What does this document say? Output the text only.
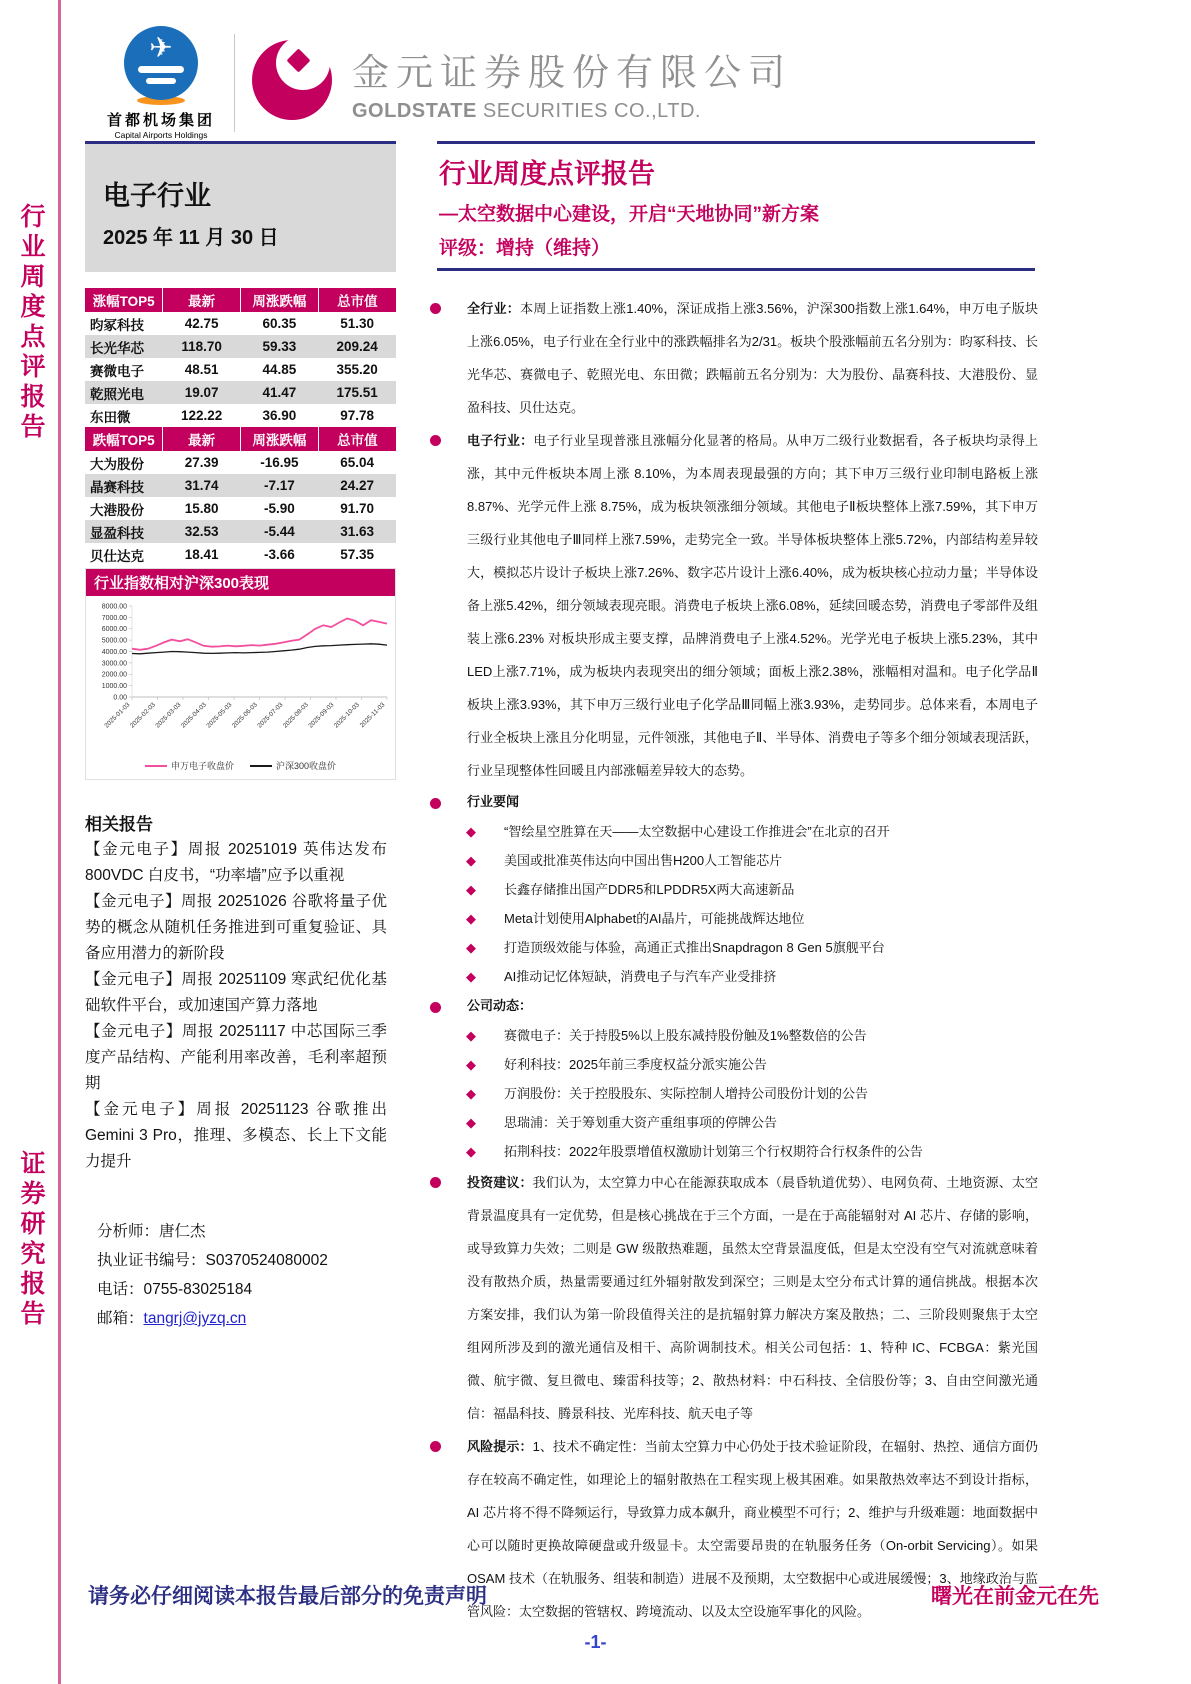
行业周度点评报告
证券研究报告
✈
首都机场集团
Capital Airports Holdings
金元证券股份有限公司
GOLDSTATE SECURITIES CO.,LTD.
电子行业
2025 年 11 月 30 日
行业周度点评报告
—太空数据中心建设，开启“天地协同”新方案
评级：增持（维持）
涨幅TOP5	最新	周涨跌幅	总市值
昀冢科技	42.75	60.35	51.30
长光华芯	118.70	59.33	209.24
赛微电子	48.51	44.85	355.20
乾照光电	19.07	41.47	175.51
东田微	122.22	36.90	97.78
跌幅TOP5	最新	周涨跌幅	总市值
大为股份	27.39	-16.95	65.04
晶赛科技	31.74	-7.17	24.27
大港股份	15.80	-5.90	91.70
显盈科技	32.53	-5.44	31.63
贝仕达克	18.41	-3.66	57.35
行业指数相对沪深300表现
0.00
1000.00
2000.00
3000.00
4000.00
5000.00
6000.00
7000.00
8000.00
2025-01-03
2025-02-03
2025-03-03
2025-04-03
2025-05-03
2025-06-03
2025-07-03
2025-08-03
2025-09-03
2025-10-03
2025-11-03
申万电子收盘价	沪深300收盘价
相关报告

【金元电子】周报 20251019 英伟达发布 800VDC 白皮书，“功率墙”应予以重视

【金元电子】周报 20251026 谷歌将量子优势的概念从随机任务推进到可重复验证、具备应用潜力的新阶段

【金元电子】周报 20251109 寒武纪优化基础软件平台，或加速国产算力落地

【金元电子】周报 20251117 中芯国际三季度产品结构、产能利用率改善，毛利率超预期

【金元电子】周报 20251123 谷歌推出 Gemini 3 Pro，推理、多模态、长上下文能力提升

分析师：唐仁杰
执业证书编号：S0370524080002
电话：0755-83025184
邮箱：tangrj@jyzq.cn
全行业：本周上证指数上涨1.40%，深证成指上涨3.56%，沪深300指数上涨1.64%，申万电子版块上涨6.05%，电子行业在全行业中的涨跌幅排名为2/31。板块个股涨幅前五名分别为：昀冢科技、长光华芯、赛微电子、乾照光电、东田微；跌幅前五名分别为：大为股份、晶赛科技、大港股份、显盈科技、贝仕达克。
电子行业：电子行业呈现普涨且涨幅分化显著的格局。从申万二级行业数据看，各子板块均录得上涨，其中元件板块本周上涨 8.10%，为本周表现最强的方向；其下申万三级行业印制电路板上涨 8.87%、光学元件上涨 8.75%，成为板块领涨细分领域。其他电子Ⅱ板块整体上涨7.59%，其下申万三级行业其他电子Ⅲ同样上涨7.59%，走势完全一致。半导体板块整体上涨5.72%，内部结构差异较大，模拟芯片设计子板块上涨7.26%、数字芯片设计上涨6.40%，成为板块核心拉动力量；半导体设备上涨5.42%，细分领域表现亮眼。消费电子板块上涨6.08%，延续回暖态势，消费电子零部件及组装上涨6.23% 对板块形成主要支撑，品牌消费电子上涨4.52%。光学光电子板块上涨5.23%，其中LED上涨7.71%，成为板块内表现突出的细分领域；面板上涨2.38%，涨幅相对温和。电子化学品Ⅱ板块上涨3.93%，其下申万三级行业电子化学品Ⅲ同幅上涨3.93%，走势同步。总体来看，本周电子行业全板块上涨且分化明显，元件领涨，其他电子Ⅱ、半导体、消费电子等多个细分领域表现活跃，行业呈现整体性回暖且内部涨幅差异较大的态势。
行业要闻
◆ “智绘星空胜算在天——太空数据中心建设工作推进会”在北京的召开
◆ 美国或批准英伟达向中国出售H200人工智能芯片
◆ 长鑫存储推出国产DDR5和LPDDR5X两大高速新品
◆ Meta计划使用Alphabet的AI晶片，可能挑战辉达地位
◆ 打造顶级效能与体验，高通正式推出Snapdragon 8 Gen 5旗舰平台
◆ AI推动记忆体短缺，消费电子与汽车产业受排挤
公司动态：
◆ 赛微电子：关于持股5%以上股东减持股份触及1%整数倍的公告
◆ 好利科技：2025年前三季度权益分派实施公告
◆ 万润股份：关于控股股东、实际控制人增持公司股份计划的公告
◆ 思瑞浦：关于筹划重大资产重组事项的停牌公告
◆ 拓荆科技：2022年股票增值权激励计划第三个行权期符合行权条件的公告
投资建议：我们认为，太空算力中心在能源获取成本（晨昏轨道优势）、电网负荷、土地资源、太空背景温度具有一定优势，但是核心挑战在于三个方面，一是在于高能辐射对 AI 芯片、存储的影响，或导致算力失效；二则是 GW 级散热难题，虽然太空背景温度低，但是太空没有空气对流就意味着没有散热介质，热量需要通过红外辐射散发到深空；三则是太空分布式计算的通信挑战。根据本次方案安排，我们认为第一阶段值得关注的是抗辐射算力解决方案及散热；二、三阶段则聚焦于太空组网所涉及到的激光通信及相干、高阶调制技术。相关公司包括：1、特种 IC、FCBGA：紫光国微、航宇微、复旦微电、臻雷科技等；2、散热材料：中石科技、全信股份等；3、自由空间激光通信：福晶科技、腾景科技、光库科技、航天电子等
风险提示：1、技术不确定性：当前太空算力中心仍处于技术验证阶段，在辐射、热控、通信方面仍存在较高不确定性，如理论上的辐射散热在工程实现上极其困难。如果散热效率达不到设计指标，AI 芯片将不得不降频运行，导致算力成本飙升，商业模型不可行；2、维护与升级难题：地面数据中心可以随时更换故障硬盘或升级显卡。太空需要昂贵的在轨服务任务（On-orbit Servicing）。如果 OSAM 技术（在轨服务、组装和制造）进展不及预期，太空数据中心或进展缓慢；3、地缘政治与监管风险：太空数据的管辖权、跨境流动、以及太空设施军事化的风险。
请务必仔细阅读本报告最后部分的免责声明	曙光在前金元在先
-1-
